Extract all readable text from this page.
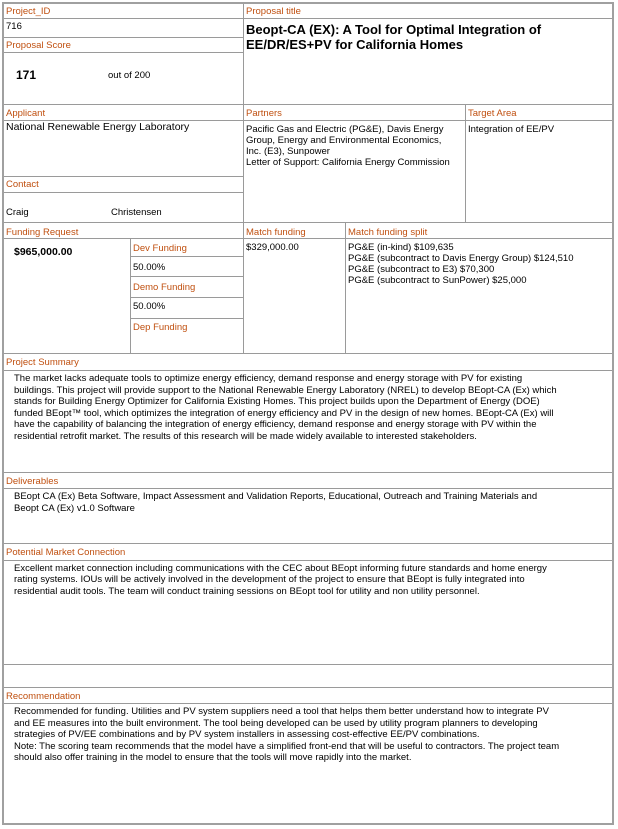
Project_ID
716
Proposal Score
171	out of 200
Proposal title
Beopt-CA (EX): A Tool for Optimal Integration of EE/DR/ES+PV for California Homes
Applicant
National Renewable Energy Laboratory
Partners
Pacific Gas and Electric (PG&E), Davis Energy
Group, Energy and Environmental Economics,
Inc. (E3), Sunpower
Letter of Support: California Energy Commission
Target Area
Integration of EE/PV
Contact
Craig	Christensen
Funding Request
$965,000.00	Dev Funding
50.00%
Demo Funding
50.00%
Dep Funding
Match funding
$329,000.00
Match funding split
PG&E (in-kind) $109,635
PG&E (subcontract to Davis Energy Group) $124,510
PG&E (subcontract to E3) $70,300
PG&E (subcontract to SunPower) $25,000
Project Summary
The market lacks adequate tools to optimize energy efficiency, demand response and energy storage with PV for existing
buildings. This project will provide support to the National Renewable Energy Laboratory (NREL) to develop BEopt-CA (Ex) which
stands for Building Energy Optimizer for California Existing Homes. This project builds upon the Department of Energy (DOE)
funded BEopt™ tool, which optimizes the integration of energy efficiency and PV in the design of new homes. BEopt-CA (Ex) will
have the capability of balancing the integration of energy efficiency, demand response and energy storage with PV within the
residential retrofit market. The results of this research will be made widely available to interested stakeholders.
Deliverables
BEopt CA (Ex) Beta Software, Impact Assessment and Validation Reports, Educational, Outreach and Training Materials and
Beopt CA (Ex) v1.0 Software
Potential Market Connection
Excellent market connection including communications with the CEC about BEopt informing future standards and home energy
rating systems. IOUs will be actively involved in the development of the project to ensure that BEopt is fully integrated into
residential audit tools. The team will conduct training sessions on BEopt tool for utility and non utility personnel.
Recommendation
Recommended for funding. Utilities and PV system suppliers need a tool that helps them better understand how to integrate PV
and EE measures into the built environment. The tool being developed can be used by utility program planners to developing
strategies of PV/EE combinations and by PV system installers in assessing cost-effective EE/PV combinations.
Note: The scoring team recommends that the model have a simplified front-end that will be useful to contractors. The project team
should also offer training in the model to ensure that the tools will move rapidly into the market.
